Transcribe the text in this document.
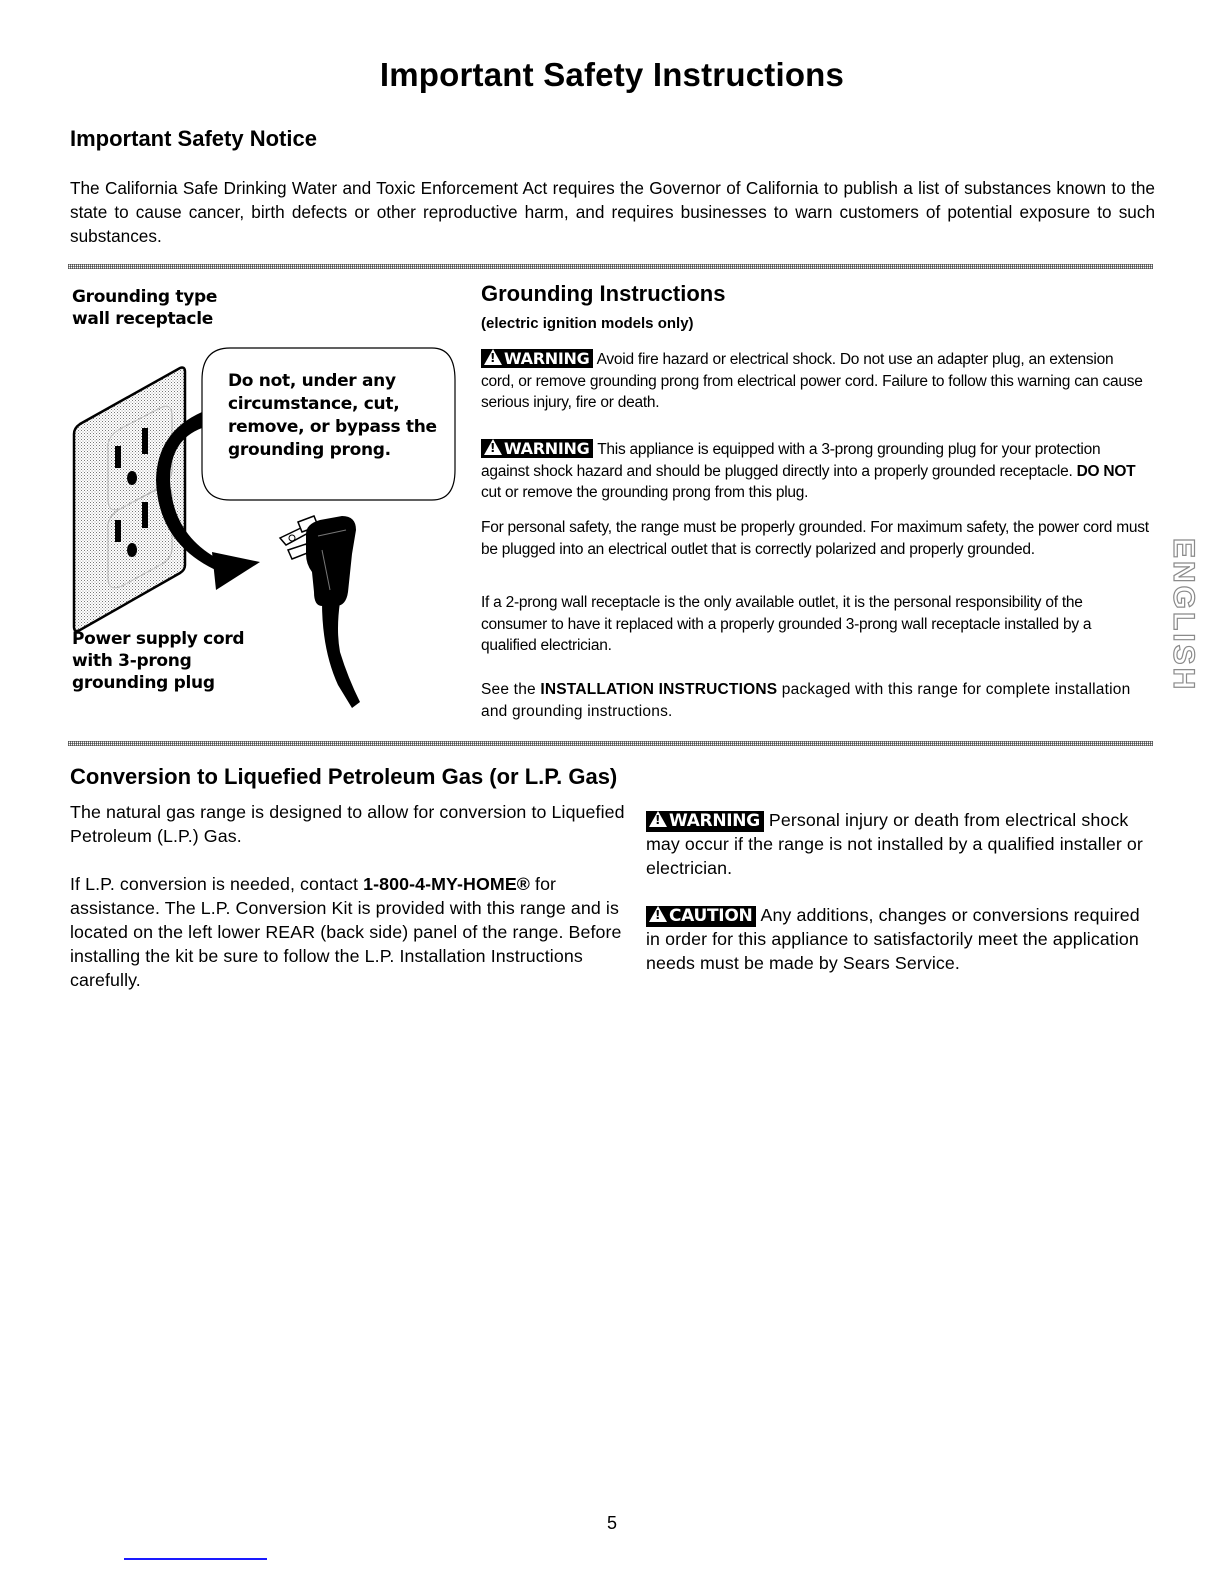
Important Safety Instructions
Important Safety Notice
The California Safe Drinking Water and Toxic Enforcement Act requires the Governor of California to publish a list of substances known to the state to cause cancer, birth defects or other reproductive harm, and requires businesses to warn customers of potential exposure to such substances.
Grounding type
wall receptacle
Do not, under any circumstance, cut, remove, or bypass the grounding prong.
Power supply cord
with 3-prong
grounding plug
Grounding Instructions
(electric ignition models only)
!WARNING Avoid fire hazard or electrical shock. Do not use an adapter plug, an extension cord, or remove grounding prong from electrical power cord. Failure to follow this warning can cause serious injury, fire or death.
!WARNING This appliance is equipped with a 3-prong grounding plug for your protection against shock hazard and should be plugged directly into a properly grounded receptacle. DO NOT cut or remove the grounding prong from this plug.
For personal safety, the range must be properly grounded. For maximum safety, the power cord must be plugged into an electrical outlet that is correctly polarized and properly grounded.
If a 2-prong wall receptacle is the only available outlet, it is the personal responsibility of the consumer to have it replaced with a properly grounded 3-prong wall receptacle installed by a qualified electrician.
See the INSTALLATION INSTRUCTIONS packaged with this range for complete installation and grounding instructions.
ENGLISH
Conversion to Liquefied Petroleum Gas (or L.P. Gas)
The natural gas range is designed to allow for conversion to Liquefied Petroleum (L.P.) Gas.
If L.P. conversion is needed, contact 1-800-4-MY-HOME® for assistance. The L.P. Conversion Kit is provided with this range and is located on the left lower REAR (back side) panel of the range. Before installing the kit be sure to follow the L.P. Installation Instructions carefully.
!WARNING Personal injury or death from electrical shock may occur if the range is not installed by a qualified installer or electrician.
!CAUTION Any additions, changes or conversions required in order for this appliance to satisfactorily meet the application needs must be made by Sears Service.
5
